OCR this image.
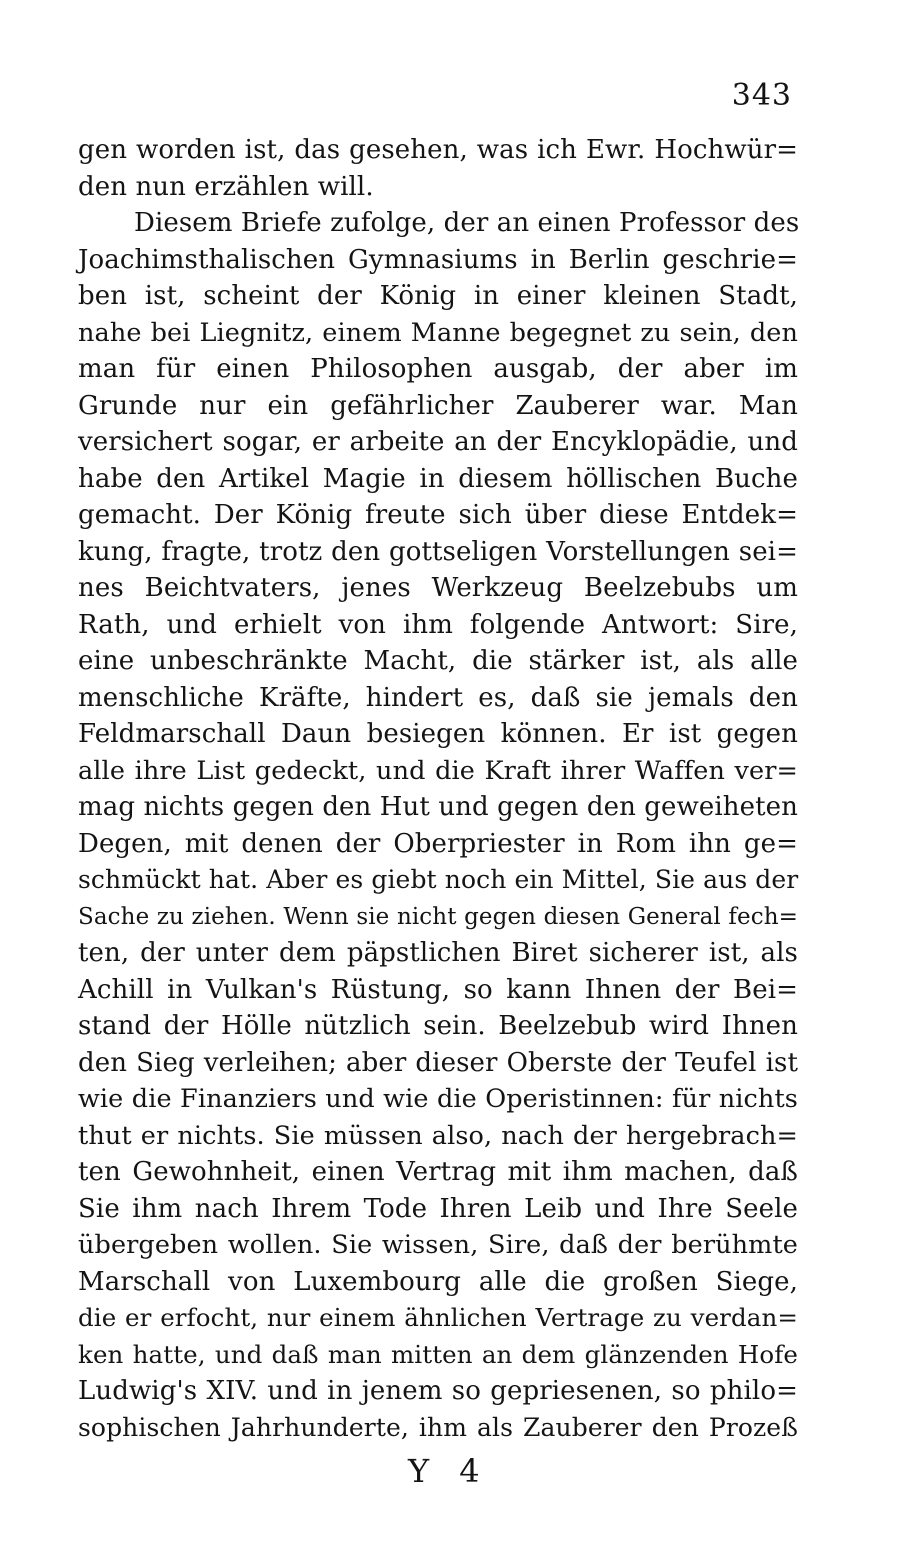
343
gen worden ist, das gesehen, was ich Ewr. Hochwür=
den nun erzählen will.
Diesem Briefe zufolge, der an einen Professor des
Joachimsthalischen Gymnasiums in Berlin geschrie=
ben ist, scheint der König in einer kleinen Stadt,
nahe bei Liegnitz, einem Manne begegnet zu sein, den
man für einen Philosophen ausgab, der aber im
Grunde nur ein gefährlicher Zauberer war. Man
versichert sogar, er arbeite an der Encyklopädie, und
habe den Artikel Magie in diesem höllischen Buche
gemacht. Der König freute sich über diese Entdek=
kung, fragte, trotz den gottseligen Vorstellungen sei=
nes Beichtvaters, jenes Werkzeug Beelzebubs um
Rath, und erhielt von ihm folgende Antwort: Sire,
eine unbeschränkte Macht, die stärker ist, als alle
menschliche Kräfte, hindert es, daß sie jemals den
Feldmarschall Daun besiegen können. Er ist gegen
alle ihre List gedeckt, und die Kraft ihrer Waffen ver=
mag nichts gegen den Hut und gegen den geweiheten
Degen, mit denen der Oberpriester in Rom ihn ge=
schmückt hat. Aber es giebt noch ein Mittel, Sie aus der
Sache zu ziehen. Wenn sie nicht gegen diesen General fech=
ten, der unter dem päpstlichen Biret sicherer ist, als
Achill in Vulkan's Rüstung, so kann Ihnen der Bei=
stand der Hölle nützlich sein. Beelzebub wird Ihnen
den Sieg verleihen; aber dieser Oberste der Teufel ist
wie die Finanziers und wie die Operistinnen: für nichts
thut er nichts. Sie müssen also, nach der hergebrach=
ten Gewohnheit, einen Vertrag mit ihm machen, daß
Sie ihm nach Ihrem Tode Ihren Leib und Ihre Seele
übergeben wollen. Sie wissen, Sire, daß der berühmte
Marschall von Luxembourg alle die großen Siege,
die er erfocht, nur einem ähnlichen Vertrage zu verdan=
ken hatte, und daß man mitten an dem glänzenden Hofe
Ludwig's XIV. und in jenem so gepriesenen, so philo=
sophischen Jahrhunderte, ihm als Zauberer den Prozeß
Y 4
